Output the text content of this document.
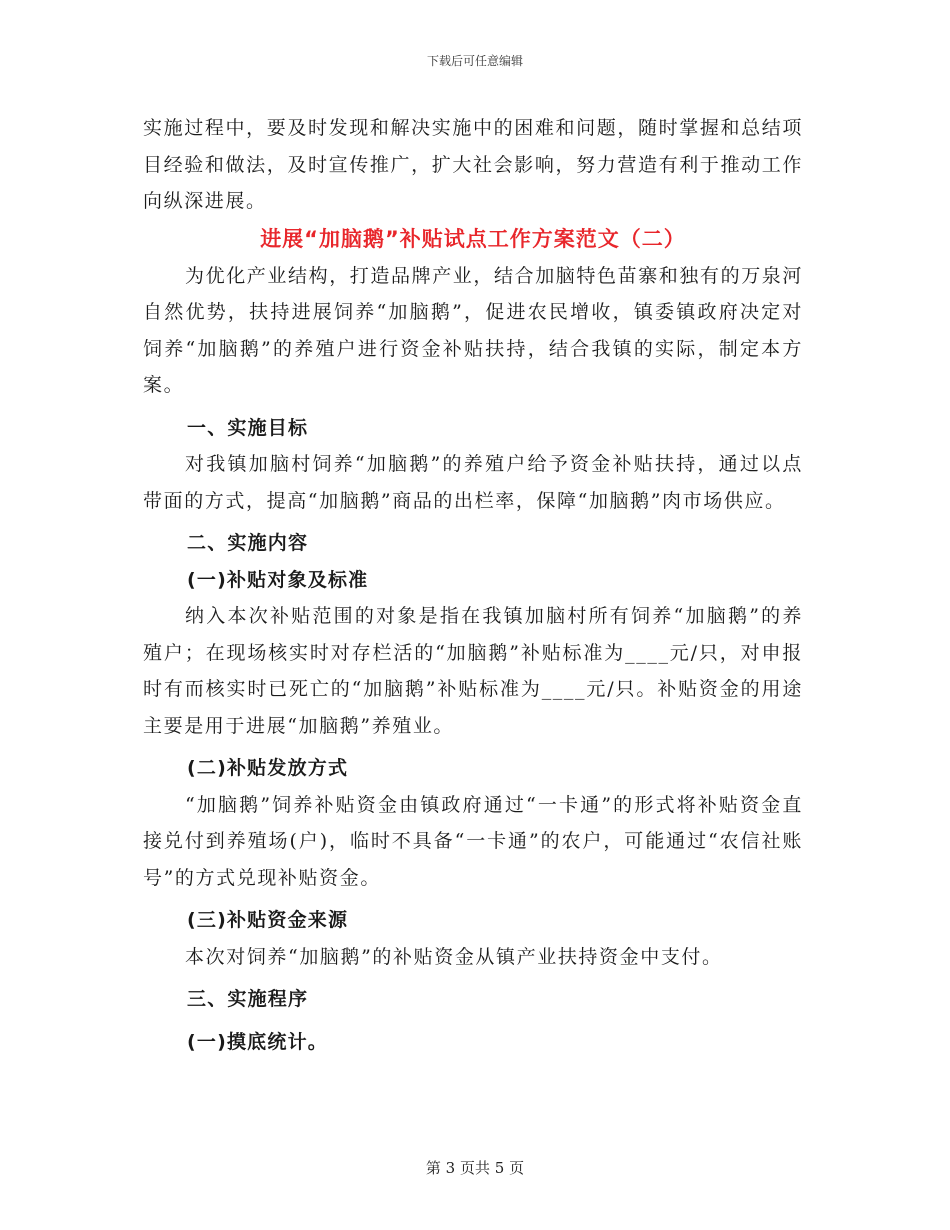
下载后可任意编辑

实施过程中，要及时发现和解决实施中的困难和问题，随时掌握和总结项目经验和做法，及时宣传推广，扩大社会影响，努力营造有利于推动工作向纵深进展。

进展“加脑鹅”补贴试点工作方案范文（二）

为优化产业结构，打造品牌产业，结合加脑特色苗寨和独有的万泉河自然优势，扶持进展饲养“加脑鹅”，促进农民增收，镇委镇政府决定对饲养“加脑鹅”的养殖户进行资金补贴扶持，结合我镇的实际，制定本方案。

一、实施目标

对我镇加脑村饲养“加脑鹅”的养殖户给予资金补贴扶持，通过以点带面的方式，提高“加脑鹅”商品的出栏率，保障“加脑鹅”肉市场供应。

二、实施内容

(一)补贴对象及标准

纳入本次补贴范围的对象是指在我镇加脑村所有饲养“加脑鹅”的养殖户；在现场核实时对存栏活的“加脑鹅”补贴标准为____元/只，对申报时有而核实时已死亡的“加脑鹅”补贴标准为____元/只。补贴资金的用途主要是用于进展“加脑鹅”养殖业。

(二)补贴发放方式

“加脑鹅”饲养补贴资金由镇政府通过“一卡通”的形式将补贴资金直接兑付到养殖场(户)，临时不具备“一卡通”的农户，可能通过“农信社账号”的方式兑现补贴资金。

(三)补贴资金来源

本次对饲养“加脑鹅”的补贴资金从镇产业扶持资金中支付。

三、实施程序

(一)摸底统计。

第 3 页共 5 页
